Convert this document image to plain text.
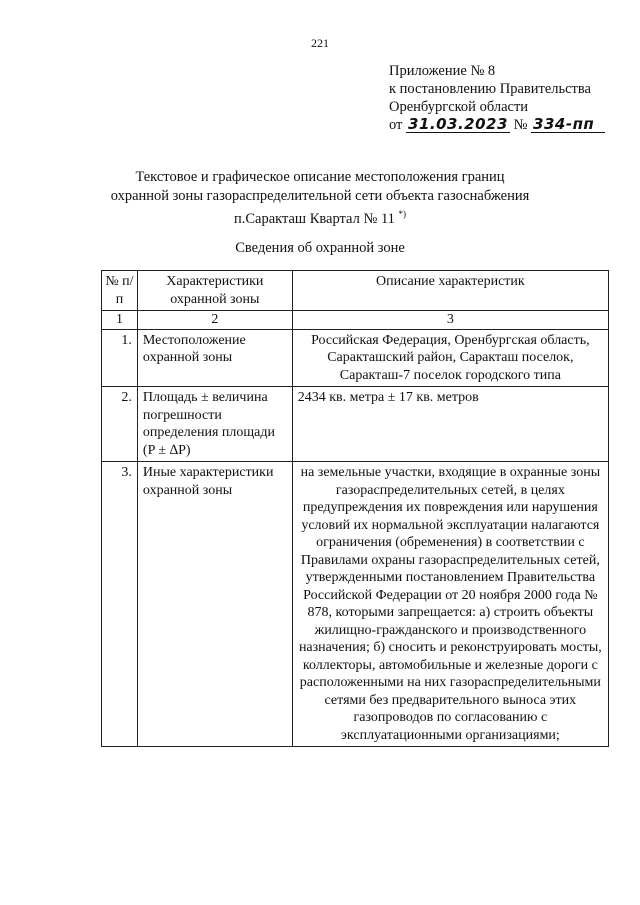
221
Приложение № 8
к постановлению Правительства
Оренбургской области
от 31.03.2023 № 334-пп
Текстовое и графическое описание местоположения границ
охранной зоны газораспределительной сети объекта газоснабжения
п.Саракташ Квартал № 11 *)
Сведения об охранной зоне
№ п/п	Характеристики охранной зоны	Описание характеристик
1	2	3
1.	Местоположение охранной зоны	Российская Федерация, Оренбургская область, Саракташский район, Саракташ поселок, Саракташ-7 поселок городского типа
2.	Площадь ± величина погрешности определения площади (P ± ∆P)	2434 кв. метра ± 17 кв. метров
3.	Иные характеристики охранной зоны	на земельные участки, входящие в охранные зоны газораспределительных сетей, в целях предупреждения их повреждения или нарушения условий их нормальной эксплуатации налагаются ограничения (обременения) в соответствии с Правилами охраны газораспределительных сетей, утвержденными постановлением Правительства Российской Федерации от 20 ноября 2000 года № 878, которыми запрещается: а) строить объекты жилищно-гражданского и производственного назначения; б) сносить и реконструировать мосты, коллекторы, автомобильные и железные дороги с расположенными на них газораспределительными сетями без предварительного выноса этих газопроводов по согласованию с эксплуатационными организациями;
